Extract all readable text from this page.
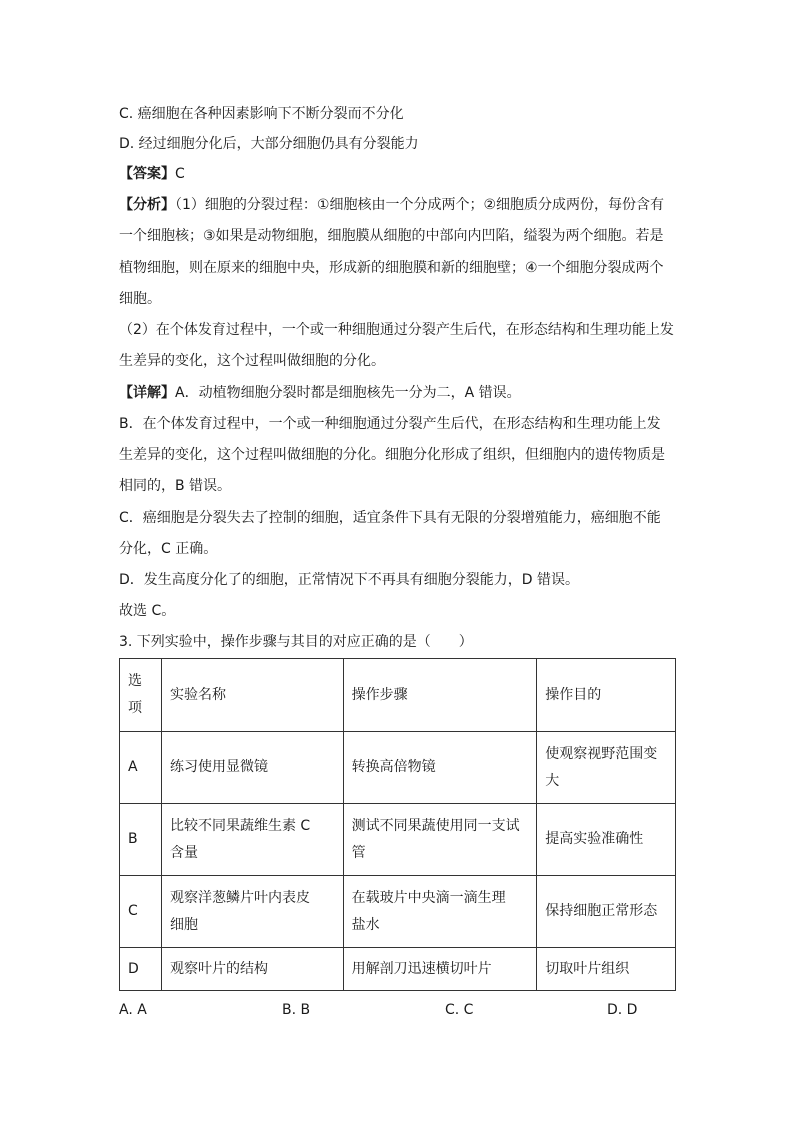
C. 癌细胞在各种因素影响下不断分裂而不分化
D. 经过细胞分化后，大部分细胞仍具有分裂能力
【答案】C
【分析】（1）细胞的分裂过程：①细胞核由一个分成两个；②细胞质分成两份，每份含有
一个细胞核；③如果是动物细胞，细胞膜从细胞的中部向内凹陷，缢裂为两个细胞。若是
植物细胞，则在原来的细胞中央，形成新的细胞膜和新的细胞壁；④一个细胞分裂成两个
细胞。
（2）在个体发育过程中，一个或一种细胞通过分裂产生后代，在形态结构和生理功能上发
生差异的变化，这个过程叫做细胞的分化。
【详解】A．动植物细胞分裂时都是细胞核先一分为二，A 错误。
B．在个体发育过程中，一个或一种细胞通过分裂产生后代，在形态结构和生理功能上发
生差异的变化，这个过程叫做细胞的分化。细胞分化形成了组织，但细胞内的遗传物质是
相同的，B 错误。
C．癌细胞是分裂失去了控制的细胞，适宜条件下具有无限的分裂增殖能力，癌细胞不能
分化，C 正确。
D．发生高度分化了的细胞，正常情况下不再具有细胞分裂能力，D 错误。
故选 C。
3. 下列实验中，操作步骤与其目的对应正确的是（　　）
选项	实验名称	操作步骤	操作目的
A	练习使用显微镜	转换高倍物镜	使观察视野范围变大
B	比较不同果蔬维生素 C 含量	测试不同果蔬使用同一支试管	提高实验准确性
C	观察洋葱鳞片叶内表皮细胞	在载玻片中央滴一滴生理盐水	保持细胞正常形态
D	观察叶片的结构	用解剖刀迅速横切叶片	切取叶片组织
A. A	B. B	C. C	D. D
